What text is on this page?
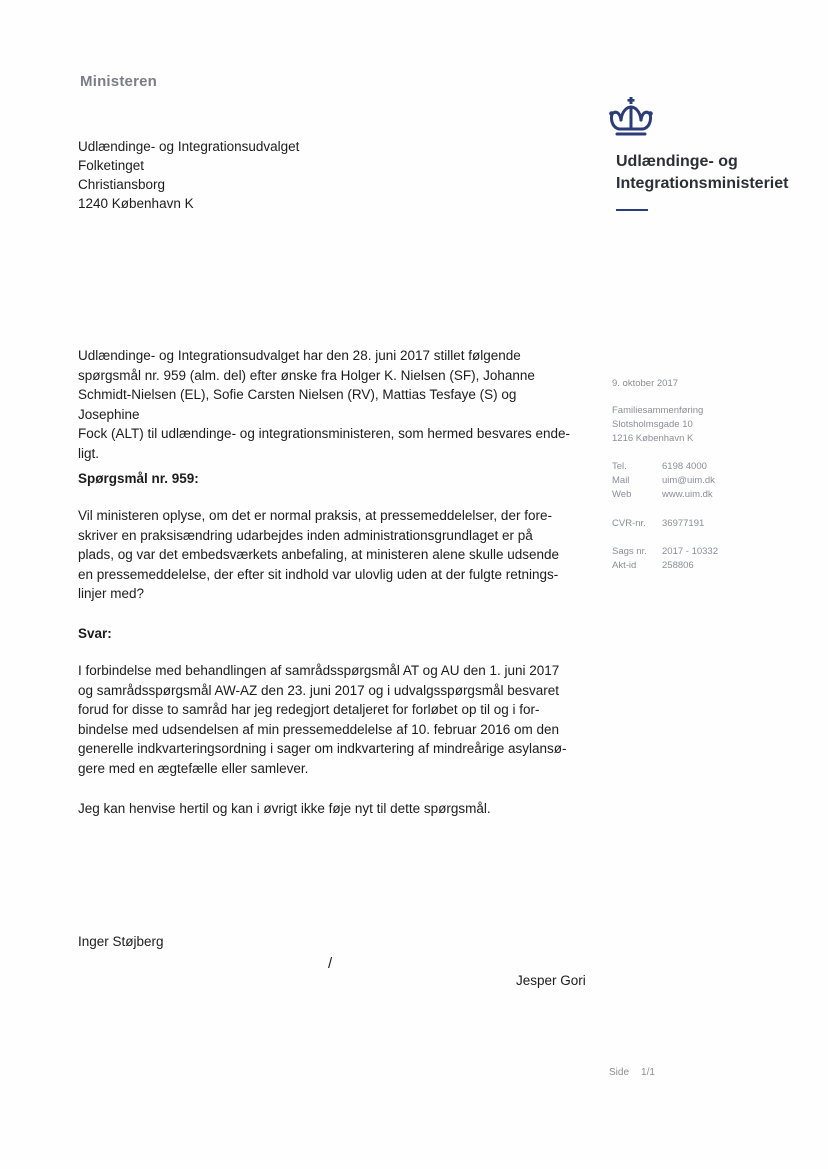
Ministeren
Udlændinge- og Integrationsudvalget
Folketinget
Christiansborg
1240 København K
Udlændinge- og
Integrationsministeriet
Udlændinge- og Integrationsudvalget har den 28. juni 2017 stillet følgende
spørgsmål nr. 959 (alm. del) efter ønske fra Holger K. Nielsen (SF), Johanne
Schmidt-Nielsen (EL), Sofie Carsten Nielsen (RV), Mattias Tesfaye (S) og Josephine
Fock (ALT) til udlændinge- og integrationsministeren, som hermed besvares ende-
ligt.
Spørgsmål nr. 959:
Vil ministeren oplyse, om det er normal praksis, at pressemeddelelser, der fore-
skriver en praksisændring udarbejdes inden administrationsgrundlaget er på
plads, og var det embedsværkets anbefaling, at ministeren alene skulle udsende
en pressemeddelelse, der efter sit indhold var ulovlig uden at der fulgte retnings-
linjer med?
Svar:
I forbindelse med behandlingen af samrådsspørgsmål AT og AU den 1. juni 2017
og samrådsspørgsmål AW-AZ den 23. juni 2017 og i udvalgsspørgsmål besvaret
forud for disse to samråd har jeg redegjort detaljeret for forløbet op til og i for-
bindelse med udsendelsen af min pressemeddelelse af 10. februar 2016 om den
generelle indkvarteringsordning i sager om indkvartering af mindreårige asylansø-
gere med en ægtefælle eller samlever.
Jeg kan henvise hertil og kan i øvrigt ikke føje nyt til dette spørgsmål.
Inger Støjberg
/
Jesper Gori
9. oktober 2017
Familiesammenføring
Slotsholmsgade 10
1216 København K
Tel.	6198 4000
Mail	uim@uim.dk
Web	www.uim.dk
CVR-nr.	36977191
Sags nr.	2017 - 10332
Akt-id	258806
Side 1/1
